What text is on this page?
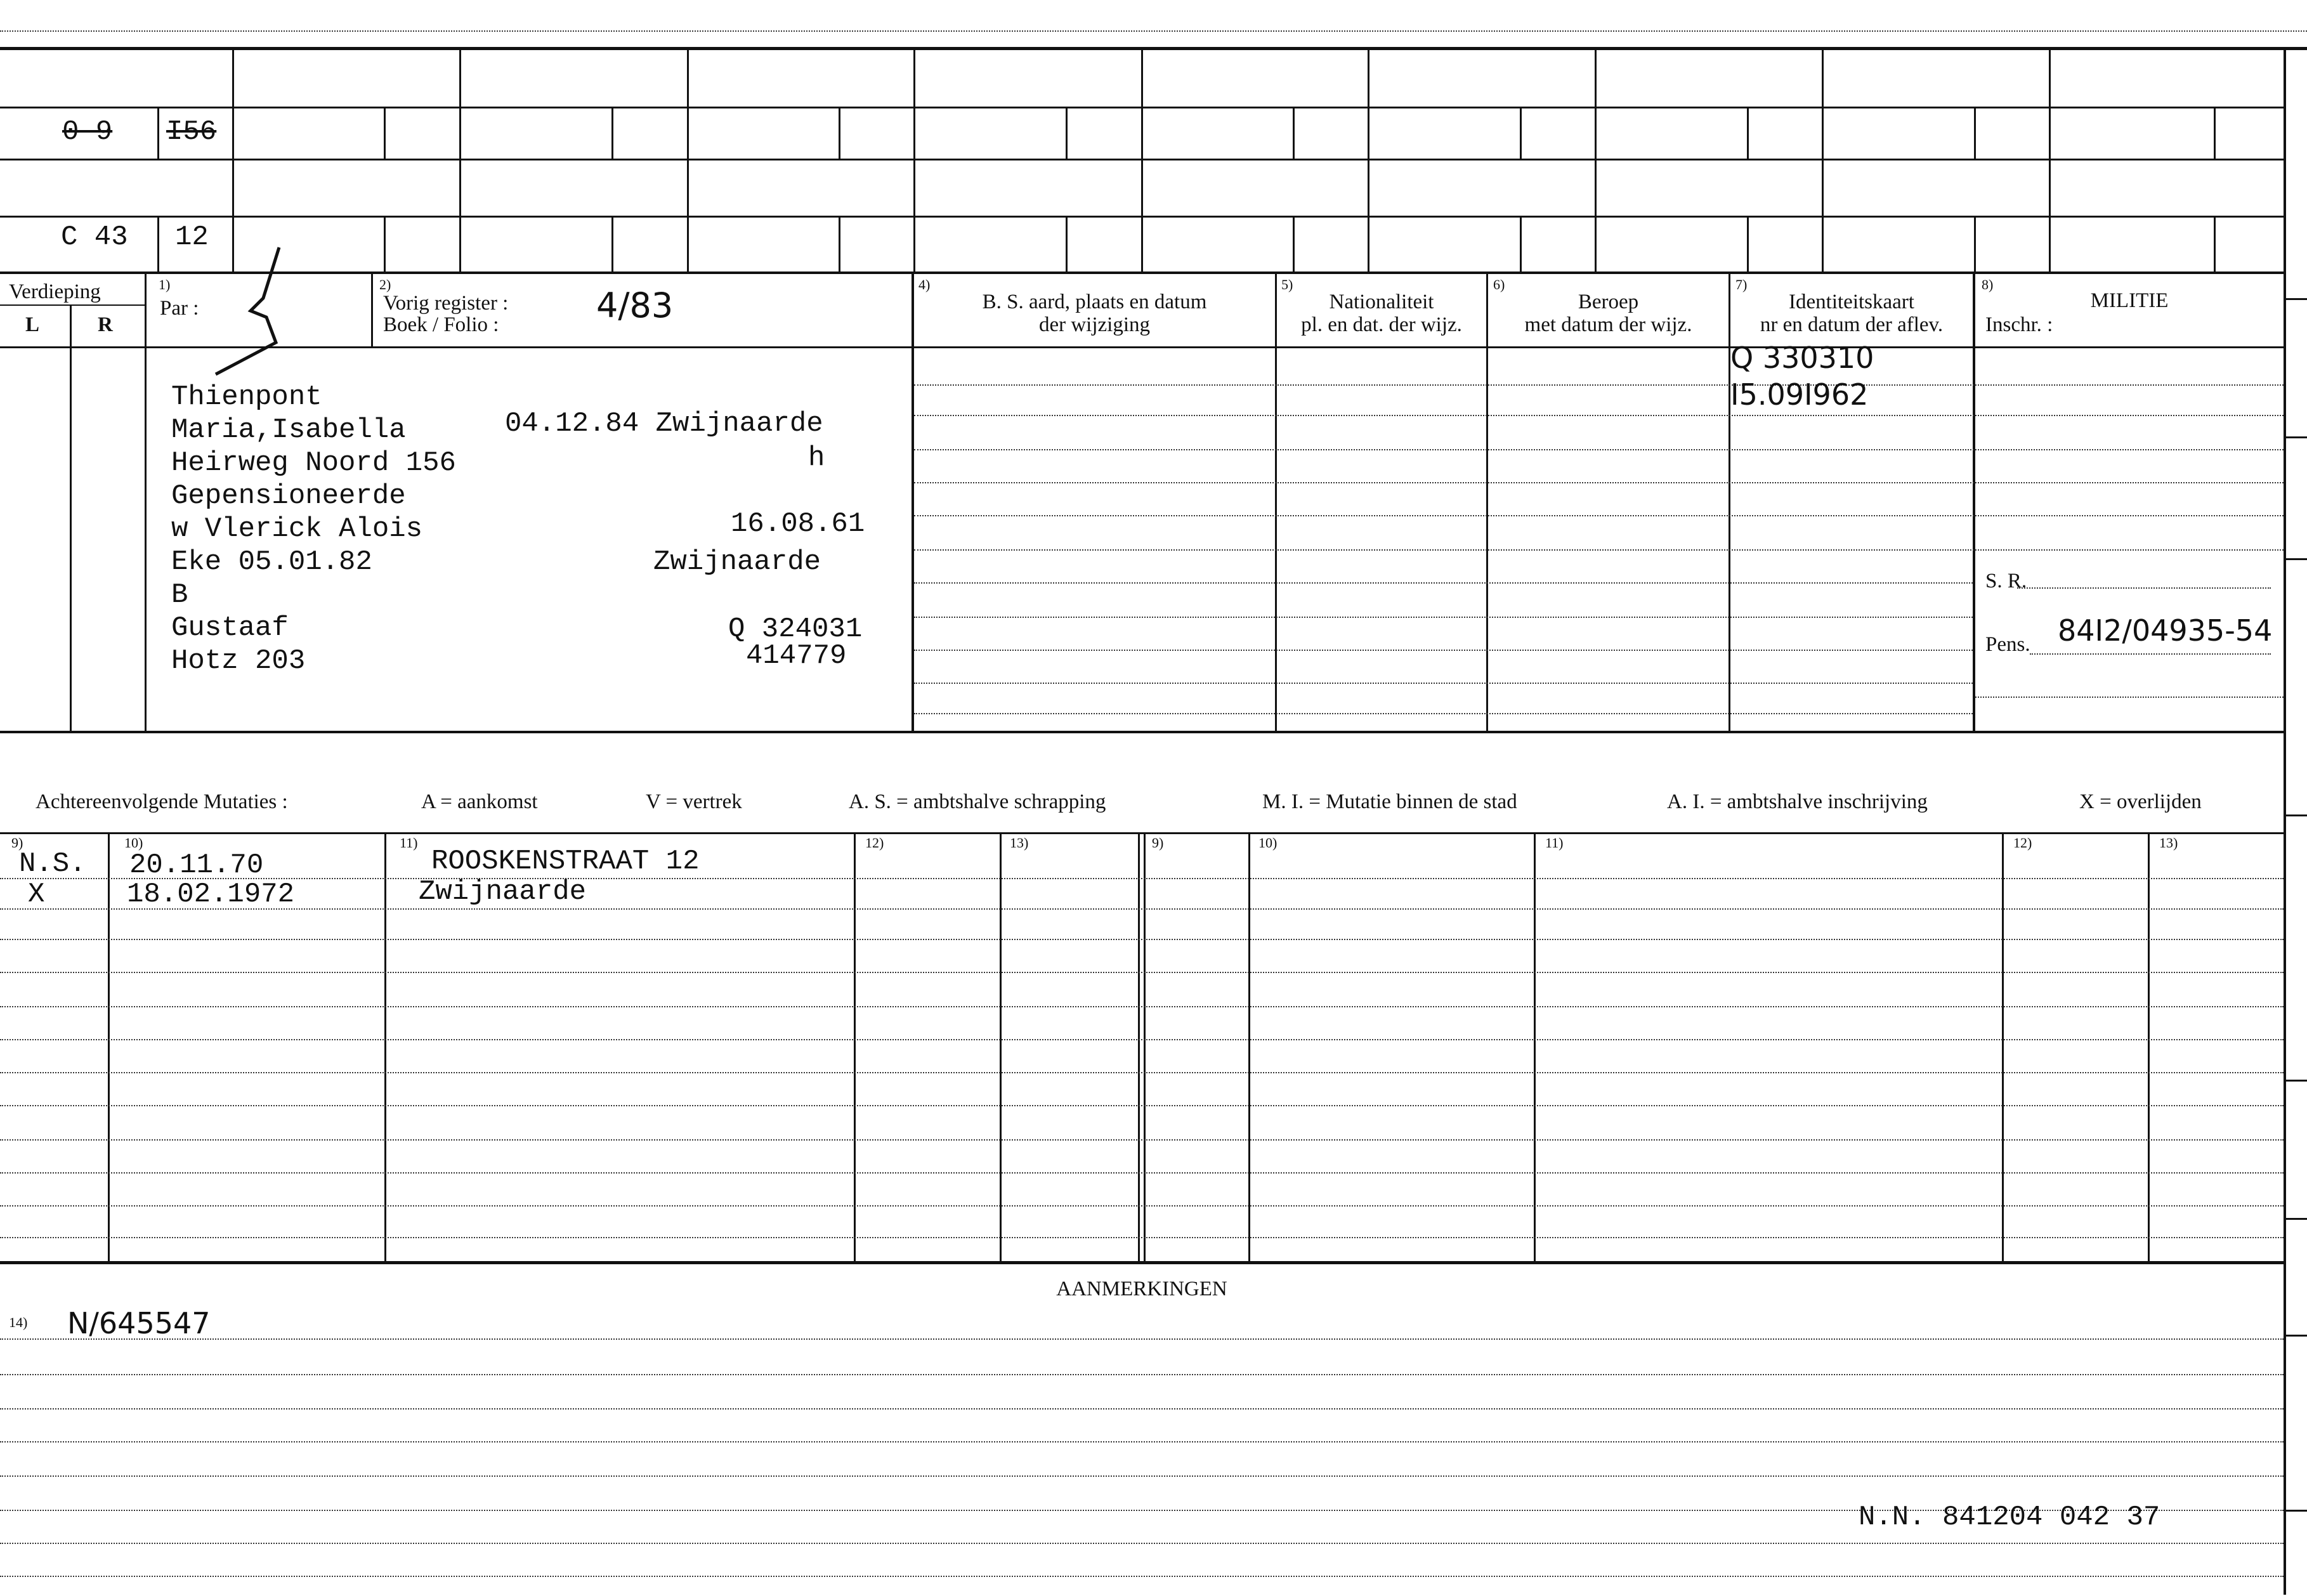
0 9 I56
C 43 12
Verdieping
L	R
1)
Par :
2)
Vorig register :
Boek / Folio :	4/83
4)
B. S. aard, plaats en datum
der wijziging
5)
Nationaliteit
pl. en dat. der wijz.
6)
Beroep
met datum der wijz.
7)
Identiteitskaart
nr en datum der aflev.
8)
MILITIE
Inschr. :
Thienpont
Maria,Isabella
Heirweg Noord 156
Gepensioneerde
w Vlerick Alois
Eke 05.01.82
B
Gustaaf
Hotz 203
04.12.84 Zwijnaarde
h
16.08.61
Zwijnaarde
Q 324031
414779
Q 330310
I5.09I962
S. R.
Pens. 84I2/04935-54
Achtereenvolgende Mutaties :	A = aankomst	V = vertrek	A. S. = ambtshalve schrapping	M. I. = Mutatie binnen de stad	A. I. = ambtshalve inschrijving	X = overlijden
9)	10)	11)	12)	13)	9)	10)	11)	12)	13)
N.S. 20.11.70	ROOSKENSTRAAT 12
X	18.02.1972	Zwijnaarde
AANMERKINGEN
14) N/645547
N.N. 841204 042 37
